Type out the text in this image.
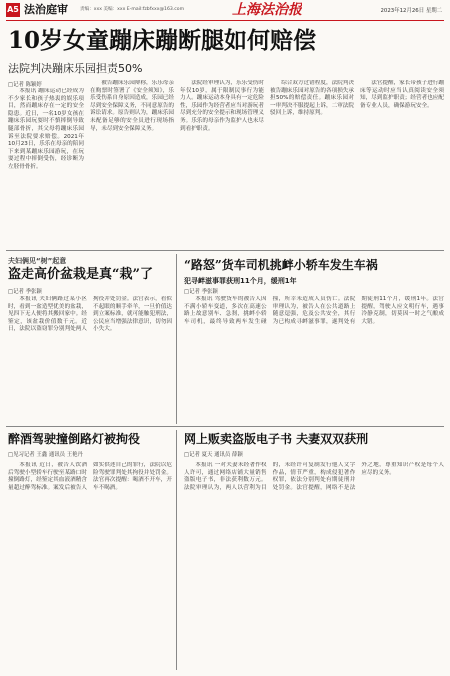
A5 法治庭审	责编：xxx 美编：xxx E-mail:fzbfxxx@163.com	上海法治报	2023年12月26日 星期二
10岁女童蹦床蹦断腿如何赔偿
法院判决蹦床乐园担责50%
□记者 陈颖婷
本报讯 蹦床运动已经成为不少家长和孩子热衷的娱乐项目，然而蹦床存在一定的安全隐患。近日，一名10岁女孩在蹦床乐园玩耍时不慎摔倒导致腿部骨折，其父母将蹦床乐园诉至法院要求赔偿。2021年10月23日，乐乐在母亲的陪同下来到某蹦床乐园游玩，在玩耍过程中摔倒受伤，经诊断为左胫骨骨折。
被告蹦床乐园辩称，乐乐母亲在购票时签署了《安全须知》，乐乐受伤系自身原因造成，乐园已经尽到安全保障义务，不同意原告的诉讼请求。原告则认为，蹦床乐园未配备足够的安全员进行现场指导，未尽到安全保障义务。
法院经审理认为，乐乐受伤时年仅10岁，属于限制民事行为能力人。蹦床运动本身具有一定危险性，乐园作为经营者应当对游玩者尽到充分的安全提示和现场管理义务。乐乐的母亲作为监护人也未尽到看护职责。
综合双方过错程度，法院判决被告蹦床乐园对原告的各项损失承担50%的赔偿责任。蹦床乐园对一审判决不服提起上诉，二审法院驳回上诉，维持原判。
法官提醒，家长带孩子进行蹦床等运动时应当认真阅读安全须知，尽到监护职责；经营者也应配备专业人员，确保游玩安全。
夫妇俩见“树”起意
盗走高价盆栽是真“栽”了
□记者 季张颖
本报讯 夫妇俩路过某小区时，看到一盆造型优美的盆栽，见四下无人便将其搬回家中。经鉴定，该盆栽价值数千元。近日，法院以盗窃罪分别判处两人拘役并处罚金。法官表示，看似不起眼的顺手牵羊，一旦价值达到立案标准，就可能触犯刑法，公民应当增强法律意识，切勿因小失大。
“路怒”货车司机挑衅小轿车发生车祸
犯寻衅滋事罪获刑11个月，缓刑1年
□记者 季张颖
本报讯 驾驶货车的被告人因不满小轿车变道，多次在高速公路上故意别车、急刹，挑衅小轿车司机，最终导致两车发生碰撞，所幸未造成人员伤亡。法院审理认为，被告人在公共道路上随意逞强，危及公共安全，其行为已构成寻衅滋事罪，遂判处有期徒刑11个月，缓刑1年。法官提醒，驾驶人应文明行车，遇事冷静克制，切莫因一时之气酿成大错。
醉酒驾驶撞倒路灯被拘役
□见习记者 王鑫 通讯员 王艳丹
本报讯 近日，被告人饮酒后驾驶小型轿车行驶至某路口时撞倒路灯，经鉴定其血液酒精含量超过醉驾标准。案发后被告人如实供述自己的罪行，法院以危险驾驶罪判处其拘役并处罚金。法官再次提醒：喝酒不开车，开车不喝酒。
网上贩卖盗版电子书 夫妻双双获刑
□记者 夏天 通讯员 薛颖
本报讯 一对夫妻未经著作权人许可，通过网络店铺大量销售盗版电子书，非法获利数万元。法院审理认为，两人以营利为目的，未经许可复制发行他人文字作品，情节严重，构成侵犯著作权罪，依法分别判处有期徒刑并处罚金。法官提醒，网络不是法外之地，尊重知识产权是每个人应尽的义务。
